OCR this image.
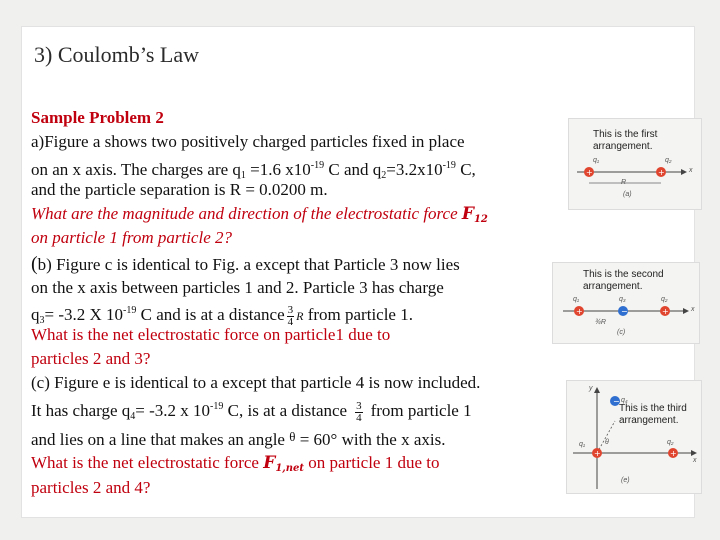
3) Coulomb’s Law
Sample Problem 2
a)Figure a shows two positively charged particles fixed in place
on an x axis. The charges are $q_1 =1.6$ $x10^{-19}$ C and $q_2=3.2x10^{-19}$ C,
and the particle separation is R = 0.0200 m.
What are the magnitude and direction of the electrostatic force $F_{12}$
on particle 1 from particle 2?
(b) Figure c is identical to Fig. a except that Particle 3 now lies
on the x axis between particles 1 and 2. Particle 3 has charge
$q_3= -3.2$ X $10^{-19}$ C and is at a distance $\frac{3}{4}$ R from particle 1.
What is the net electrostatic force on particle1 due to
particles 2 and 3?
(c) Figure e is identical to a except that particle 4 is now included.
It has charge $q_4= -3.2$ x $10^{-19}$ C, is at a distance $\frac{3}{4}$ from particle 1
and lies on a line that makes an angle $^\theta$ = 60° with the x axis.
What is the net electrostatic force $F_{1,net}$ on particle 1 due to
particles 2 and 4?
This is the first
arrangement.
+	+
q₁	q₂
R
x
(a)
This is the second
arrangement.
+	−	+
q₁	q₃	q₂
x
¾R
(c)
This is the third
arrangement.
−
+	+
y
q₄
q₁	q₂
x
θ
(e)
